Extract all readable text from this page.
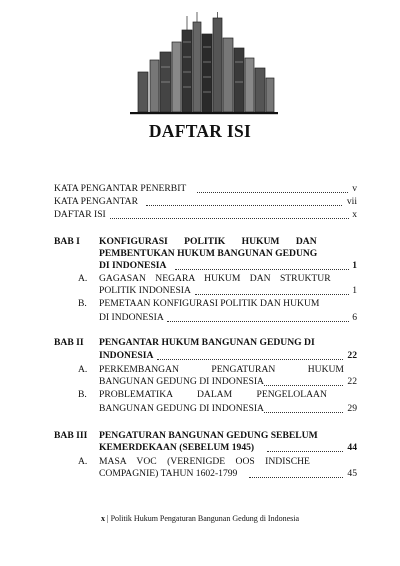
DAFTAR ISI
KATA PENGANTAR PENERBIT	v
KATA PENGANTAR	vii
DAFTAR ISI	x
BAB I KONFIGURASI POLITIK HUKUM DAN
PEMBENTUKAN HUKUM BANGUNAN GEDUNG
DI INDONESIA	1
A. GAGASAN NEGARA HUKUM DAN STRUKTUR
POLITIK INDONESIA	1
B. PEMETAAN KONFIGURASI POLITIK DAN HUKUM
DI INDONESIA	6
BAB II PENGANTAR HUKUM BANGUNAN GEDUNG DI
INDONESIA	22
A. PERKEMBANGAN PENGATURAN HUKUM
BANGUNAN GEDUNG DI INDONESIA	22
B. PROBLEMATIKA DALAM PENGELOLAAN
BANGUNAN GEDUNG DI INDONESIA	29
BAB III PENGATURAN BANGUNAN GEDUNG SEBELUM
KEMERDEKAAN (SEBELUM 1945)	44
A. MASA VOC (VERENIGDE OOS INDISCHE
COMPAGNIE) TAHUN 1602-1799	45
x | Politik Hukum Pengaturan Bangunan Gedung di Indonesia
